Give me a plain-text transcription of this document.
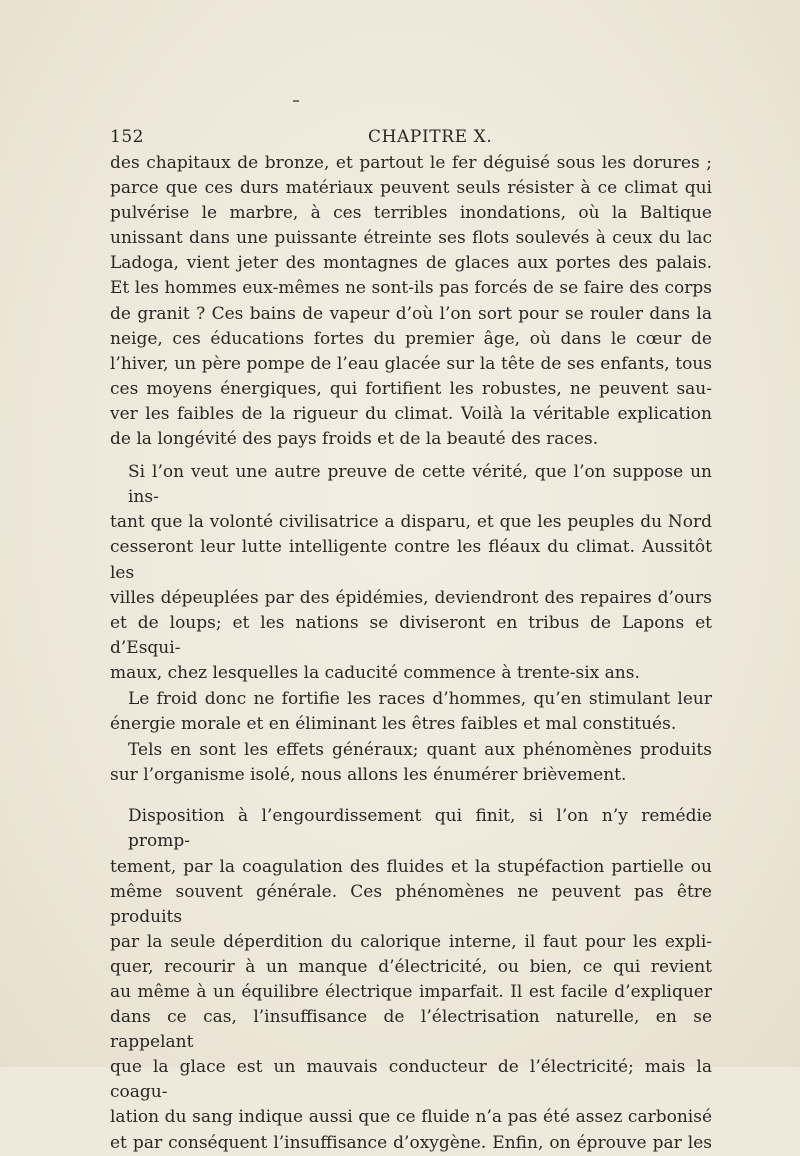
152	CHAPITRE X.
des chapitaux de bronze, et partout le fer déguisé sous les dorures ;
parce que ces durs matériaux peuvent seuls résister à ce climat qui
pulvérise le marbre, à ces terribles inondations, où la Baltique
unissant dans une puissante étreinte ses flots soulevés à ceux du lac
Ladoga, vient jeter des montagnes de glaces aux portes des palais.
Et les hommes eux-mêmes ne sont-ils pas forcés de se faire des corps
de granit ? Ces bains de vapeur d’où l’on sort pour se rouler dans la
neige, ces éducations fortes du premier âge, où dans le cœur de
l’hiver, un père pompe de l’eau glacée sur la tête de ses enfants, tous
ces moyens énergiques, qui fortifient les robustes, ne peuvent sau-
ver les faibles de la rigueur du climat. Voilà la véritable explication
de la longévité des pays froids et de la beauté des races.
Si l’on veut une autre preuve de cette vérité, que l’on suppose un ins-
tant que la volonté civilisatrice a disparu, et que les peuples du Nord
cesseront leur lutte intelligente contre les fléaux du climat. Aussitôt les
villes dépeuplées par des épidémies, deviendront des repaires d’ours
et de loups; et les nations se diviseront en tribus de Lapons et d’Esqui-
maux, chez lesquelles la caducité commence à trente-six ans.
Le froid donc ne fortifie les races d’hommes, qu’en stimulant leur
énergie morale et en éliminant les êtres faibles et mal constitués.
Tels en sont les effets généraux; quant aux phénomènes produits
sur l’organisme isolé, nous allons les énumérer brièvement.
Disposition à l’engourdissement qui finit, si l’on n’y remédie promp-
tement, par la coagulation des fluides et la stupéfaction partielle ou
même souvent générale. Ces phénomènes ne peuvent pas être produits
par la seule déperdition du calorique interne, il faut pour les expli-
quer, recourir à un manque d’électricité, ou bien, ce qui revient
au même à un équilibre électrique imparfait. Il est facile d’expliquer
dans ce cas, l’insuffisance de l’électrisation naturelle, en se rappelant
que la glace est un mauvais conducteur de l’électricité; mais la coagu-
lation du sang indique aussi que ce fluide n’a pas été assez carbonisé
et par conséquent l’insuffisance d’oxygène. Enfin, on éprouve par les
